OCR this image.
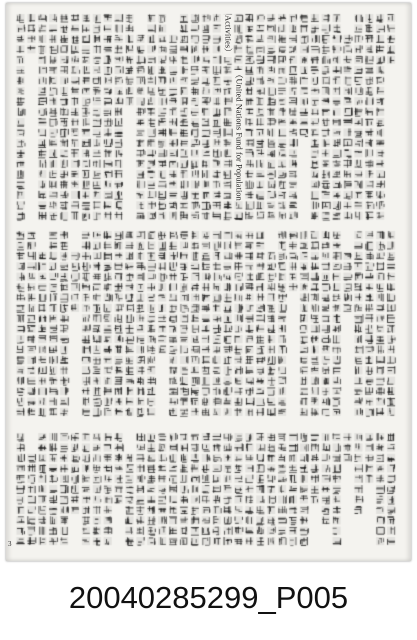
（United Nations Fund for Population
Activities）
3
20040285299_P005
